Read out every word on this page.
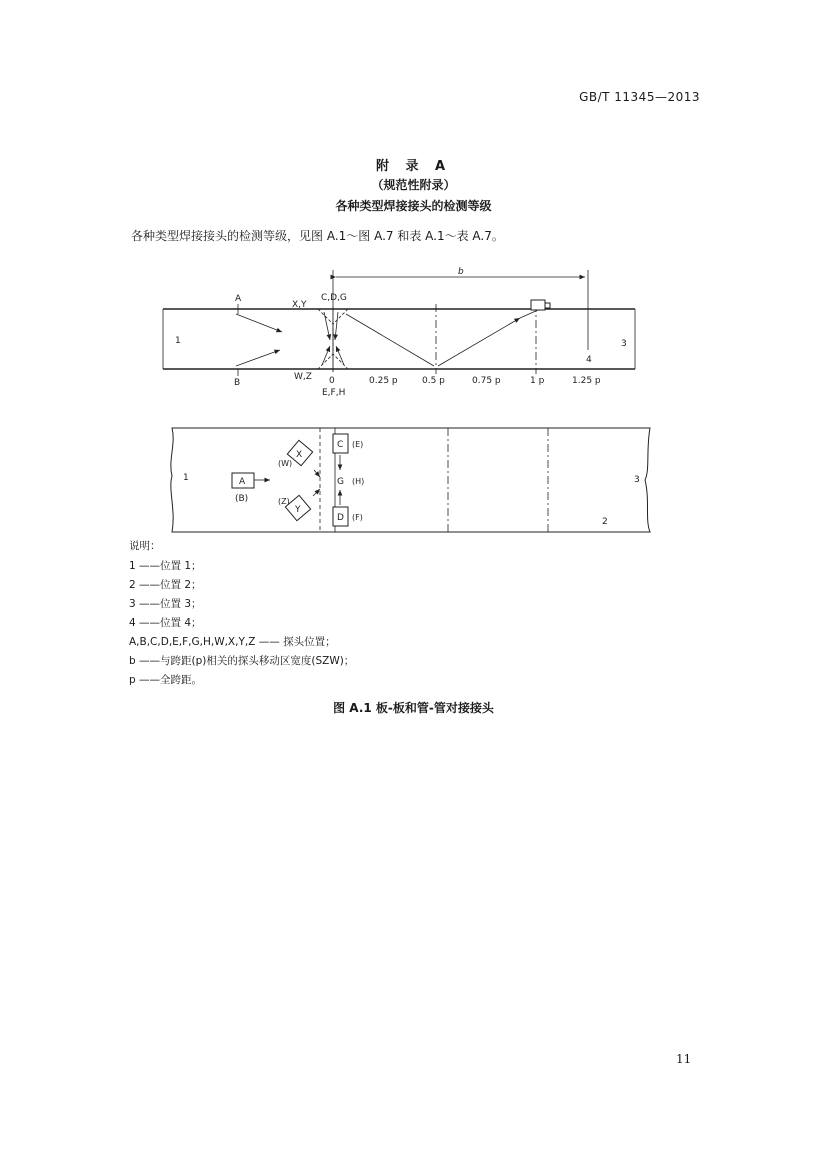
GB/T 11345—2013
附 录 A
（规范性附录）
各种类型焊接接头的检测等级
各种类型焊接接头的检测等级，见图 A.1～图 A.7 和表 A.1～表 A.7。
b
A
B
X,Y
C,D,G
W,Z
E,F,H
1	3
4
0	0.25 p	0.5 p	0.75 p	1 p	1.25 p
A
(B)
X
(W)
Y
(Z)
C (E)
G (H)
D (F)
1
2
3
说明：
1 ——位置 1；
2 ——位置 2；
3 ——位置 3；
4 ——位置 4；
A,B,C,D,E,F,G,H,W,X,Y,Z —— 探头位置；
b ——与跨距(p)相关的探头移动区宽度(SZW)；
p ——全跨距。
图 A.1 板-板和管-管对接接头
11
